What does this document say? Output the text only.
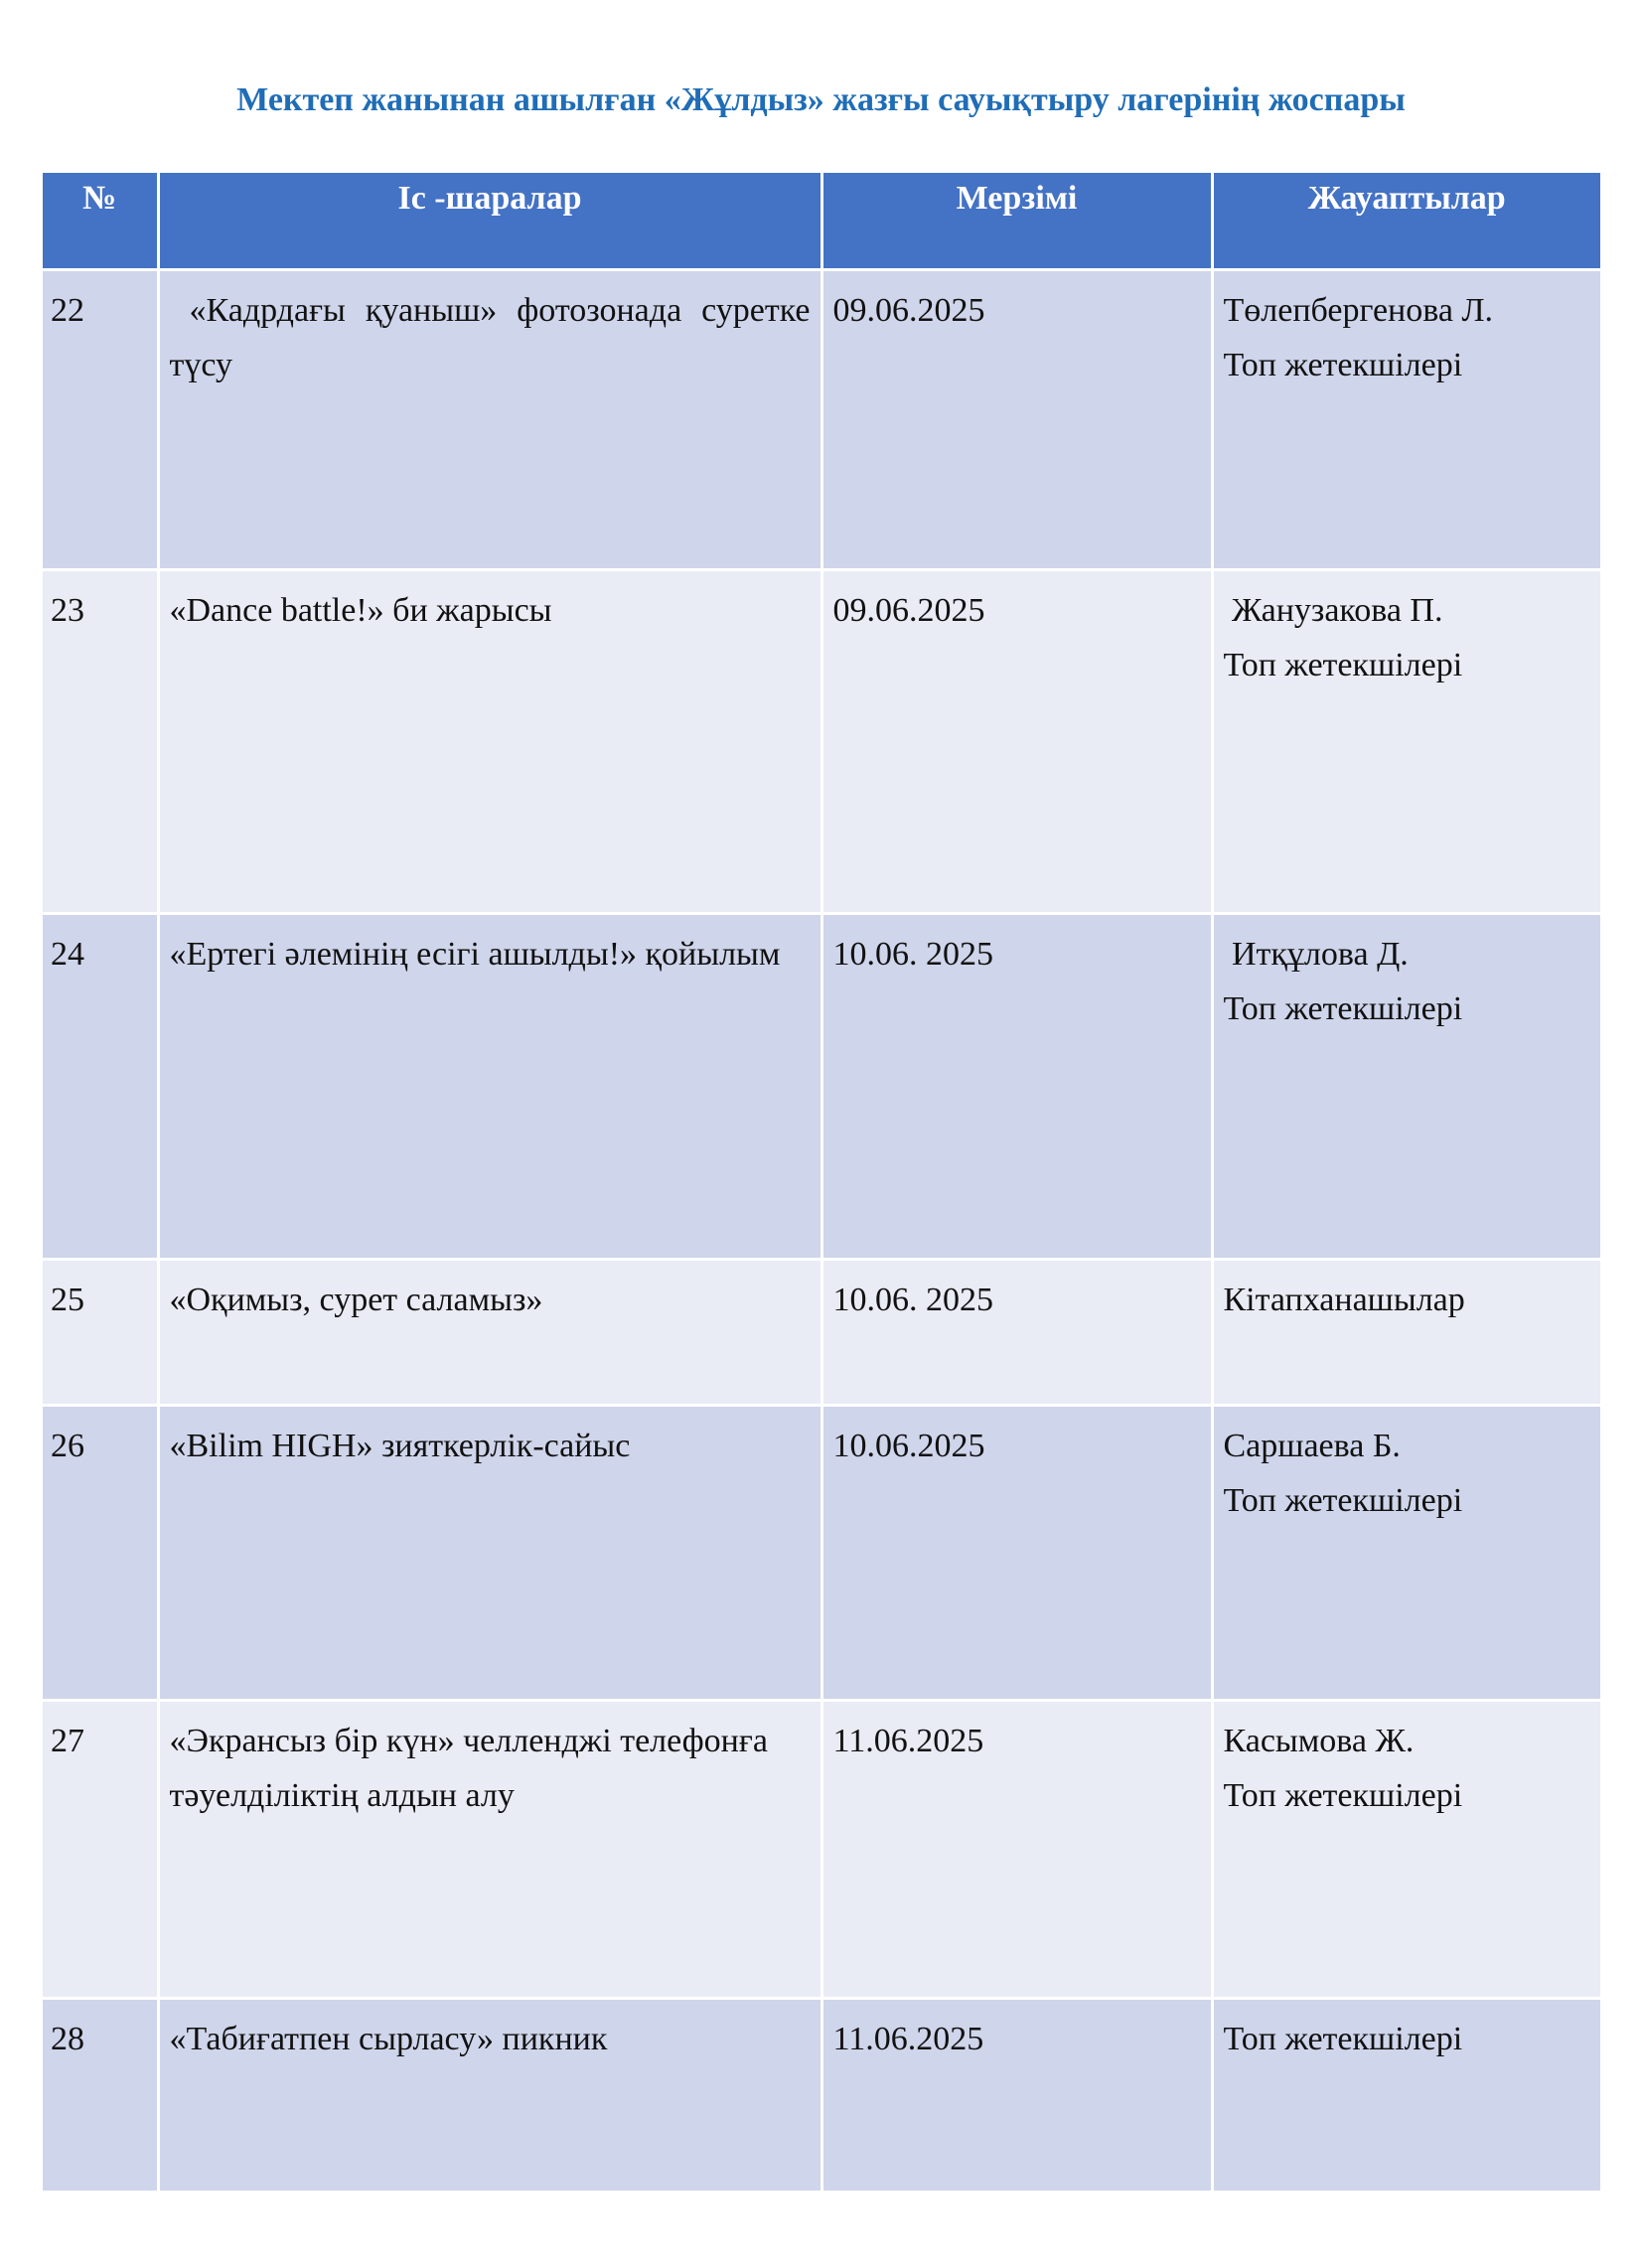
Мектеп жанынан ашылған «Жұлдыз» жазғы сауықтыру лагерінің жоспары
№	Іс -шаралар	Мерзімі	Жауаптылар
22	«Кадрдағы қуаныш» фотозонада суретке түсу	09.06.2025	Төлепбергенова Л.
Топ жетекшілері

23	«Dance battle!» би жарысы	09.06.2025	Жанузакова П.
Топ жетекшілері

24	«Ертегі әлемінің есігі ашылды!» қойылым	10.06. 2025	Итқұлова Д.
Топ жетекшілері

25	«Оқимыз, сурет саламыз»	10.06. 2025	Кітапханашылар

26	«Bilim HIGH» зияткерлік-сайыс	10.06.2025	Саршаева Б.
Топ жетекшілері

27	«Экрансыз бір күн» челленджі телефонға тәуелділіктің алдын алу	11.06.2025	Касымова Ж.
Топ жетекшілері

28	«Табиғатпен сырласу» пикник	11.06.2025	Топ жетекшілері
